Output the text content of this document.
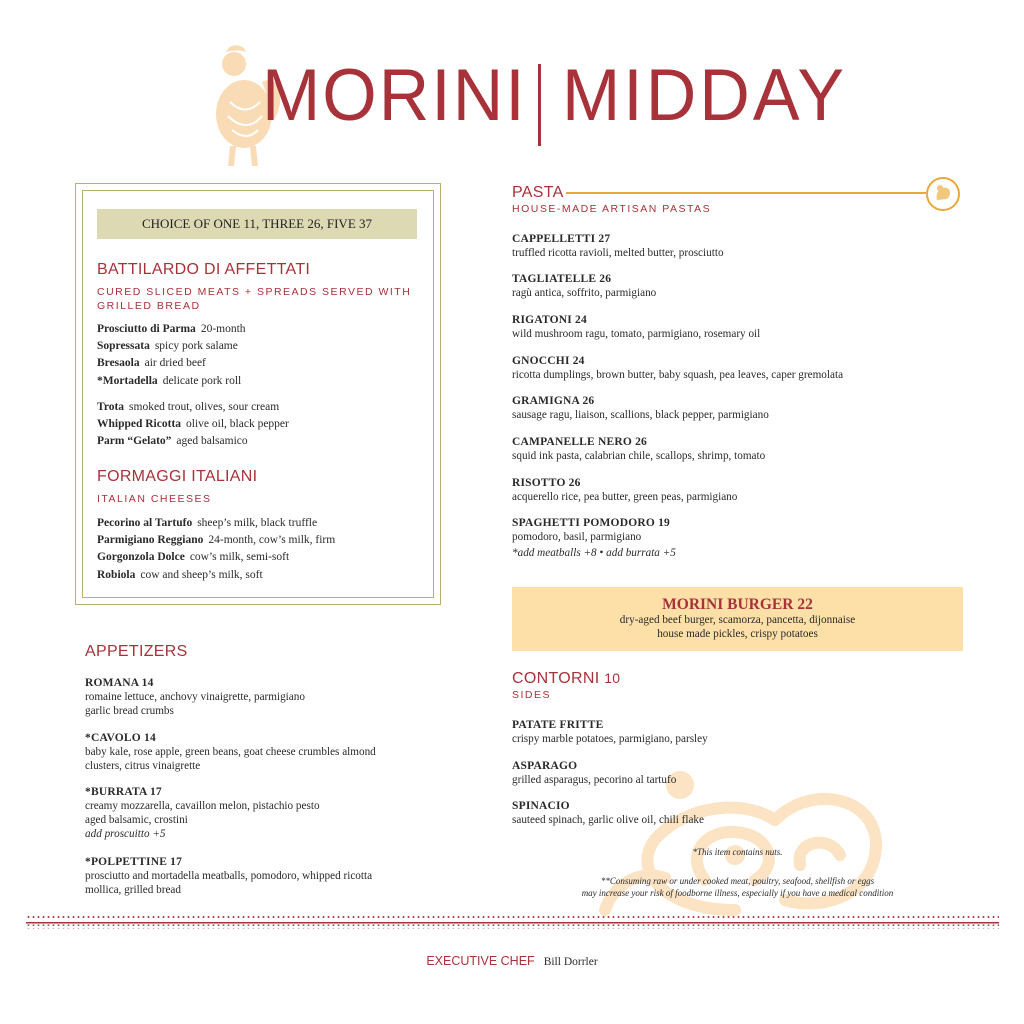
MORINI MIDDAY
CHOICE OF ONE 11, THREE 26, FIVE 37
BATTILARDO DI AFFETTATI
CURED SLICED MEATS + SPREADS SERVED WITH
GRILLED BREAD
Prosciutto di Parma 20-month
Sopressata spicy pork salame
Bresaola air dried beef
*Mortadella delicate pork roll
Trota smoked trout, olives, sour cream
Whipped Ricotta olive oil, black pepper
Parm “Gelato” aged balsamico
FORMAGGI ITALIANI
ITALIAN CHEESES
Pecorino al Tartufo sheep’s milk, black truffle
Parmigiano Reggiano 24-month, cow’s milk, firm
Gorgonzola Dolce cow’s milk, semi-soft
Robiola cow and sheep’s milk, soft
APPETIZERS
ROMANA 14
romaine lettuce, anchovy vinaigrette, parmigiano
garlic bread crumbs
*CAVOLO 14
baby kale, rose apple, green beans, goat cheese crumbles almond
clusters, citrus vinaigrette
*BURRATA 17
creamy mozzarella, cavaillon melon, pistachio pesto
aged balsamic, crostini
add proscuitto +5
*POLPETTINE 17
prosciutto and mortadella meatballs, pomodoro, whipped ricotta
mollica, grilled bread
PASTA
HOUSE-MADE ARTISAN PASTAS
CAPPELLETTI 27
truffled ricotta ravioli, melted butter, prosciutto
TAGLIATELLE 26
ragù antica, soffrito, parmigiano
RIGATONI 24
wild mushroom ragu, tomato, parmigiano, rosemary oil
GNOCCHI 24
ricotta dumplings, brown butter, baby squash, pea leaves, caper gremolata
GRAMIGNA 26
sausage ragu, liaison, scallions, black pepper, parmigiano
CAMPANELLE NERO 26
squid ink pasta, calabrian chile, scallops, shrimp, tomato
RISOTTO 26
acquerello rice, pea butter, green peas, parmigiano
SPAGHETTI POMODORO 19
pomodoro, basil, parmigiano
*add meatballs +8 • add burrata +5
MORINI BURGER 22
dry-aged beef burger, scamorza, pancetta, dijonnaise
house made pickles, crispy potatoes
CONTORNI 10
SIDES
PATATE FRITTE
crispy marble potatoes, parmigiano, parsley
ASPARAGO
grilled asparagus, pecorino al tartufo
SPINACIO
sauteed spinach, garlic olive oil, chili flake
*This item contains nuts.
**Consuming raw or under cooked meat, poultry, seafood, shellfish or eggs
may increase your risk of foodborne illness, especially if you have a medical condition
EXECUTIVE CHEF Bill Dorrler
